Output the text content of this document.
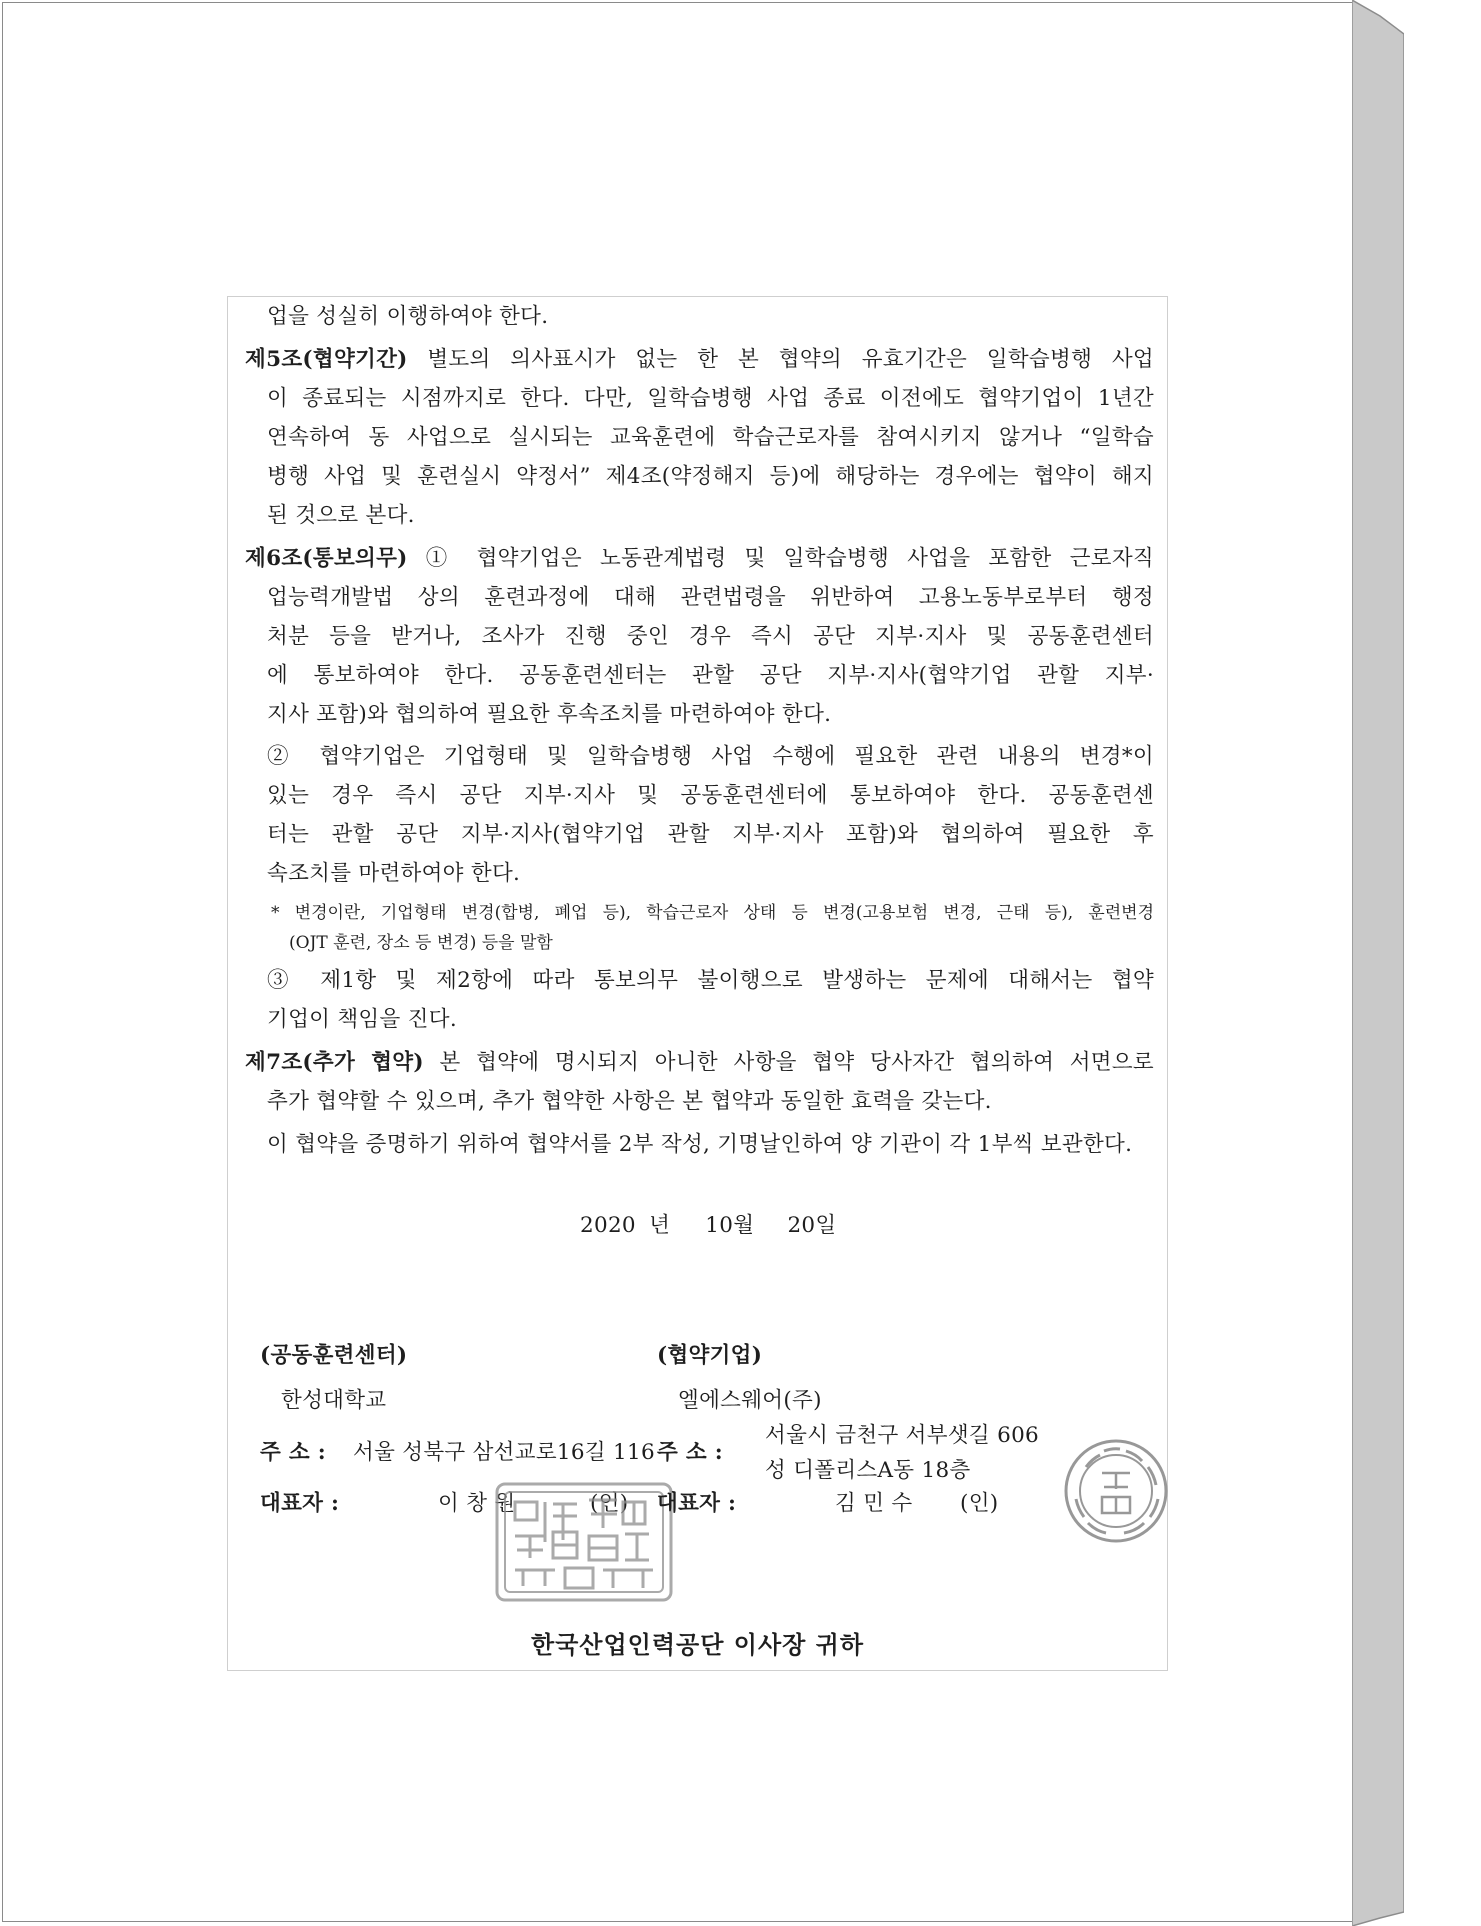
업을 성실히 이행하여야 한다.
제5조(협약기간) 별도의 의사표시가 없는 한 본 협약의 유효기간은 일학습병행 사업
이 종료되는 시점까지로 한다. 다만, 일학습병행 사업 종료 이전에도 협약기업이 1년간
연속하여 동 사업으로 실시되는 교육훈련에 학습근로자를 참여시키지 않거나 “일학습
병행 사업 및 훈련실시 약정서” 제4조(약정해지 등)에 해당하는 경우에는 협약이 해지
된 것으로 본다.
제6조(통보의무) ① 협약기업은 노동관계법령 및 일학습병행 사업을 포함한 근로자직
업능력개발법 상의 훈련과정에 대해 관련법령을 위반하여 고용노동부로부터 행정
처분 등을 받거나, 조사가 진행 중인 경우 즉시 공단 지부·지사 및 공동훈련센터
에 통보하여야 한다. 공동훈련센터는 관할 공단 지부·지사(협약기업 관할 지부·
지사 포함)와 협의하여 필요한 후속조치를 마련하여야 한다.
② 협약기업은 기업형태 및 일학습병행 사업 수행에 필요한 관련 내용의 변경*이
있는 경우 즉시 공단 지부·지사 및 공동훈련센터에 통보하여야 한다. 공동훈련센
터는 관할 공단 지부·지사(협약기업 관할 지부·지사 포함)와 협의하여 필요한 후
속조치를 마련하여야 한다.
* 변경이란, 기업형태 변경(합병, 폐업 등), 학습근로자 상태 등 변경(고용보험 변경, 근태 등), 훈련변경
(OJT 훈련, 장소 등 변경) 등을 말함
③ 제1항 및 제2항에 따라 통보의무 불이행으로 발생하는 문제에 대해서는 협약
기업이 책임을 진다.
제7조(추가 협약) 본 협약에 명시되지 아니한 사항을 협약 당사자간 협의하여 서면으로
추가 협약할 수 있으며, 추가 협약한 사항은 본 협약과 동일한 효력을 갖는다.
이 협약을 증명하기 위하여 협약서를 2부 작성, 기명날인하여 양 기관이 각 1부씩 보관한다.
2020 년 10월 20일
(공동훈련센터)
한성대학교
주 소 : 서울 성북구 삼선교로16길 116
대표자 :	이 창 원	(인)
(협약기업)
엘에스웨어(주)
주 소 :
서울시 금천구 서부샛길 606
성 디폴리스A동 18층
대표자 :	김 민 수 (인)
한국산업인력공단 이사장 귀하
